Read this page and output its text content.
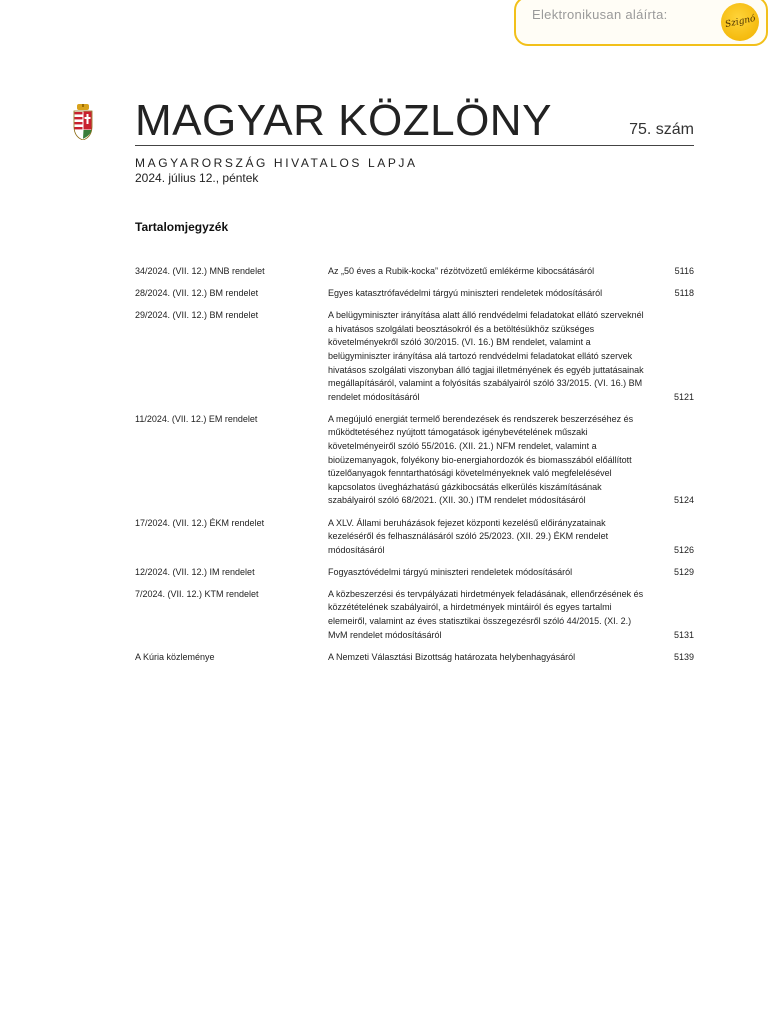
Elektronikusan aláírta:	Szignó
MAGYAR KÖZLÖNY	75. szám
MAGYARORSZÁG HIVATALOS LAPJA
2024. július 12., péntek
Tartalomjegyzék
34/2024. (VII. 12.) MNB rendelet	Az „50 éves a Rubik-kocka” rézötvözetű emlékérme kibocsátásáról	5116
28/2024. (VII. 12.) BM rendelet	Egyes katasztrófavédelmi tárgyú miniszteri rendeletek módosításáról	5118
29/2024. (VII. 12.) BM rendelet	A belügyminiszter irányítása alatt álló rendvédelmi feladatokat ellátó szerveknél a hivatásos szolgálati beosztásokról és a betöltésükhöz szükséges követelményekről szóló 30/2015. (VI. 16.) BM rendelet, valamint a belügyminiszter irányítása alá tartozó rendvédelmi feladatokat ellátó szervek hivatásos szolgálati viszonyban álló tagjai illetményének és egyéb juttatásainak megállapításáról, valamint a folyósítás szabályairól szóló 33/2015. (VI. 16.) BM rendelet módosításáról	5121
11/2024. (VII. 12.) EM rendelet	A megújuló energiát termelő berendezések és rendszerek beszerzéséhez és működtetéséhez nyújtott támogatások igénybevételének műszaki követelményeiről szóló 55/2016. (XII. 21.) NFM rendelet, valamint a bioüzemanyagok, folyékony bio-energiahordozók és biomasszából előállított tüzelőanyagok fenntarthatósági követelményeknek való megfelelésével kapcsolatos üvegházhatású gázkibocsátás elkerülés kiszámításának szabályairól szóló 68/2021. (XII. 30.) ITM rendelet módosításáról	5124
17/2024. (VII. 12.) ÉKM rendelet	A XLV. Állami beruházások fejezet központi kezelésű előirányzatainak kezeléséről és felhasználásáról szóló 25/2023. (XII. 29.) ÉKM rendelet módosításáról	5126
12/2024. (VII. 12.) IM rendelet	Fogyasztóvédelmi tárgyú miniszteri rendeletek módosításáról	5129
7/2024. (VII. 12.) KTM rendelet	A közbeszerzési és tervpályázati hirdetmények feladásának, ellenőrzésének és közzétételének szabályairól, a hirdetmények mintáiról és egyes tartalmi elemeiről, valamint az éves statisztikai összegezésről szóló 44/2015. (XI. 2.) MvM rendelet módosításáról	5131
A Kúria közleménye	A Nemzeti Választási Bizottság határozata helybenhagyásáról	5139
